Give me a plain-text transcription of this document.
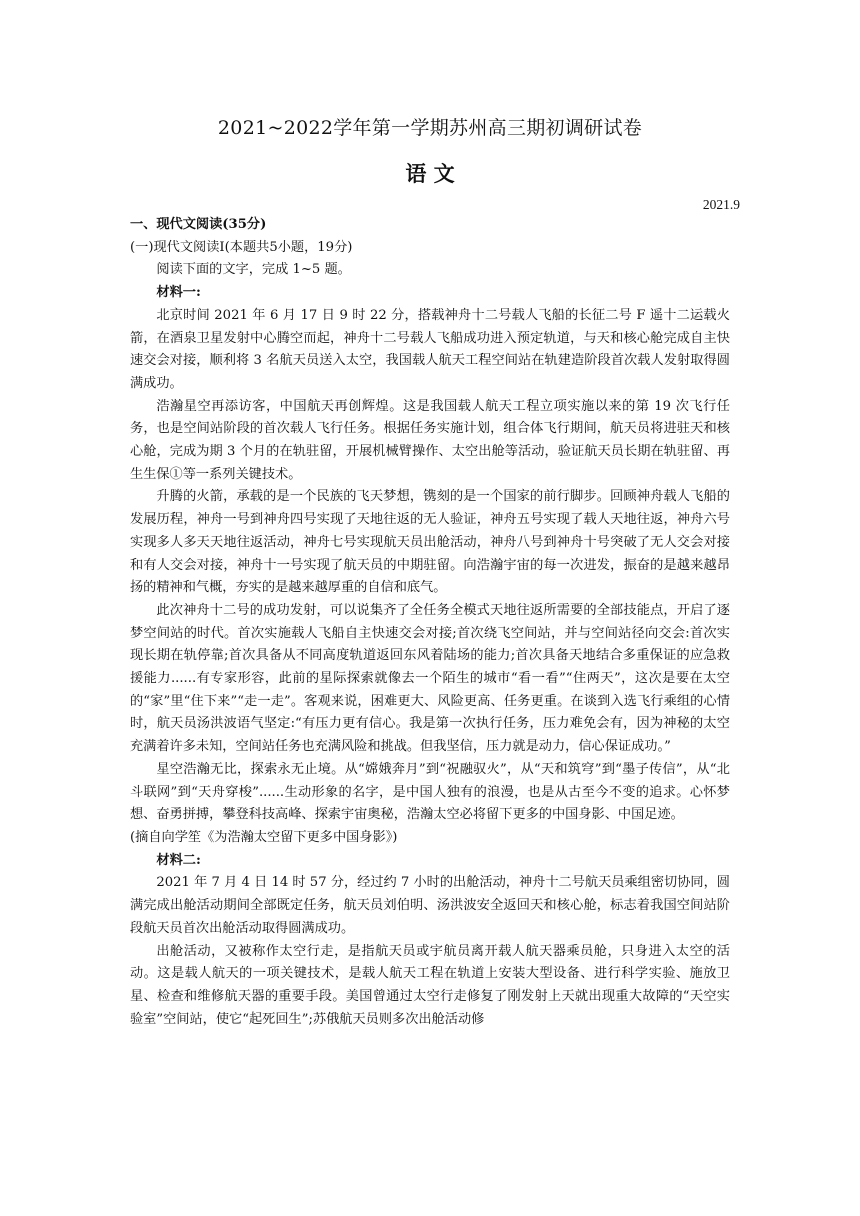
2021~2022学年第一学期苏州高三期初调研试卷
语 文
2021.9

一、现代文阅读(35分)

(一)现代文阅读I(本题共5小题，19分)

阅读下面的文字，完成 1~5 题。

材料一:

北京时间 2021 年 6 月 17 日 9 时 22 分，搭载神舟十二号载人飞船的长征二号 F 遥十二运载火箭，在酒泉卫星发射中心腾空而起，神舟十二号载人飞船成功进入预定轨道，与天和核心舱完成自主快速交会对接，顺利将 3 名航天员送入太空，我国载人航天工程空间站在轨建造阶段首次载人发射取得圆满成功。

浩瀚星空再添访客，中国航天再创辉煌。这是我国载人航天工程立项实施以来的第 19 次飞行任务，也是空间站阶段的首次载人飞行任务。根据任务实施计划，组合体飞行期间，航天员将进驻天和核心舱，完成为期 3 个月的在轨驻留，开展机械臂操作、太空出舱等活动，验证航天员长期在轨驻留、再生生保①等一系列关键技术。

升腾的火箭，承载的是一个民族的飞天梦想，镌刻的是一个国家的前行脚步。回顾神舟载人飞船的发展历程，神舟一号到神舟四号实现了天地往返的无人验证，神舟五号实现了载人天地往返，神舟六号实现多人多天天地往返活动，神舟七号实现航天员出舱活动，神舟八号到神舟十号突破了无人交会对接和有人交会对接，神舟十一号实现了航天员的中期驻留。向浩瀚宇宙的每一次进发，振奋的是越来越昂扬的精神和气概，夯实的是越来越厚重的自信和底气。

此次神舟十二号的成功发射，可以说集齐了全任务全模式天地往返所需要的全部技能点，开启了逐梦空间站的时代。首次实施载人飞船自主快速交会对接;首次绕飞空间站，并与空间站径向交会:首次实现长期在轨停靠;首次具备从不同高度轨道返回东风着陆场的能力;首次具备天地结合多重保证的应急救援能力......有专家形容，此前的星际探索就像去一个陌生的城市“看一看”“住两天”，这次是要在太空的“家”里“住下来”“走一走”。客观来说，困难更大、风险更高、任务更重。在谈到入选飞行乘组的心情时，航天员汤洪波语气坚定:“有压力更有信心。我是第一次执行任务，压力难免会有，因为神秘的太空充满着许多未知，空间站任务也充满风险和挑战。但我坚信，压力就是动力，信心保证成功。”

星空浩瀚无比，探索永无止境。从“嫦娥奔月”到“祝融驭火”，从“天和筑穹”到“墨子传信”，从“北斗联网”到“天舟穿梭”......生动形象的名字，是中国人独有的浪漫，也是从古至今不变的追求。心怀梦想、奋勇拼搏，攀登科技高峰、探索宇宙奥秘，浩瀚太空必将留下更多的中国身影、中国足迹。

(摘自向学笙《为浩瀚太空留下更多中国身影》)

材料二:

2021 年 7 月 4 日 14 时 57 分，经过约 7 小时的出舱活动，神舟十二号航天员乘组密切协同，圆满完成出舱活动期间全部既定任务，航天员刘伯明、汤洪波安全返回天和核心舱，标志着我国空间站阶段航天员首次出舱活动取得圆满成功。

出舱活动，又被称作太空行走，是指航天员或宇航员离开载人航天器乘员舱，只身进入太空的活动。这是载人航天的一项关键技术，是载人航天工程在轨道上安装大型设备、进行科学实验、施放卫星、检查和维修航天器的重要手段。美国曾通过太空行走修复了刚发射上天就出现重大故障的“天空实验室”空间站，使它“起死回生”;苏俄航天员则多次出舱活动修
